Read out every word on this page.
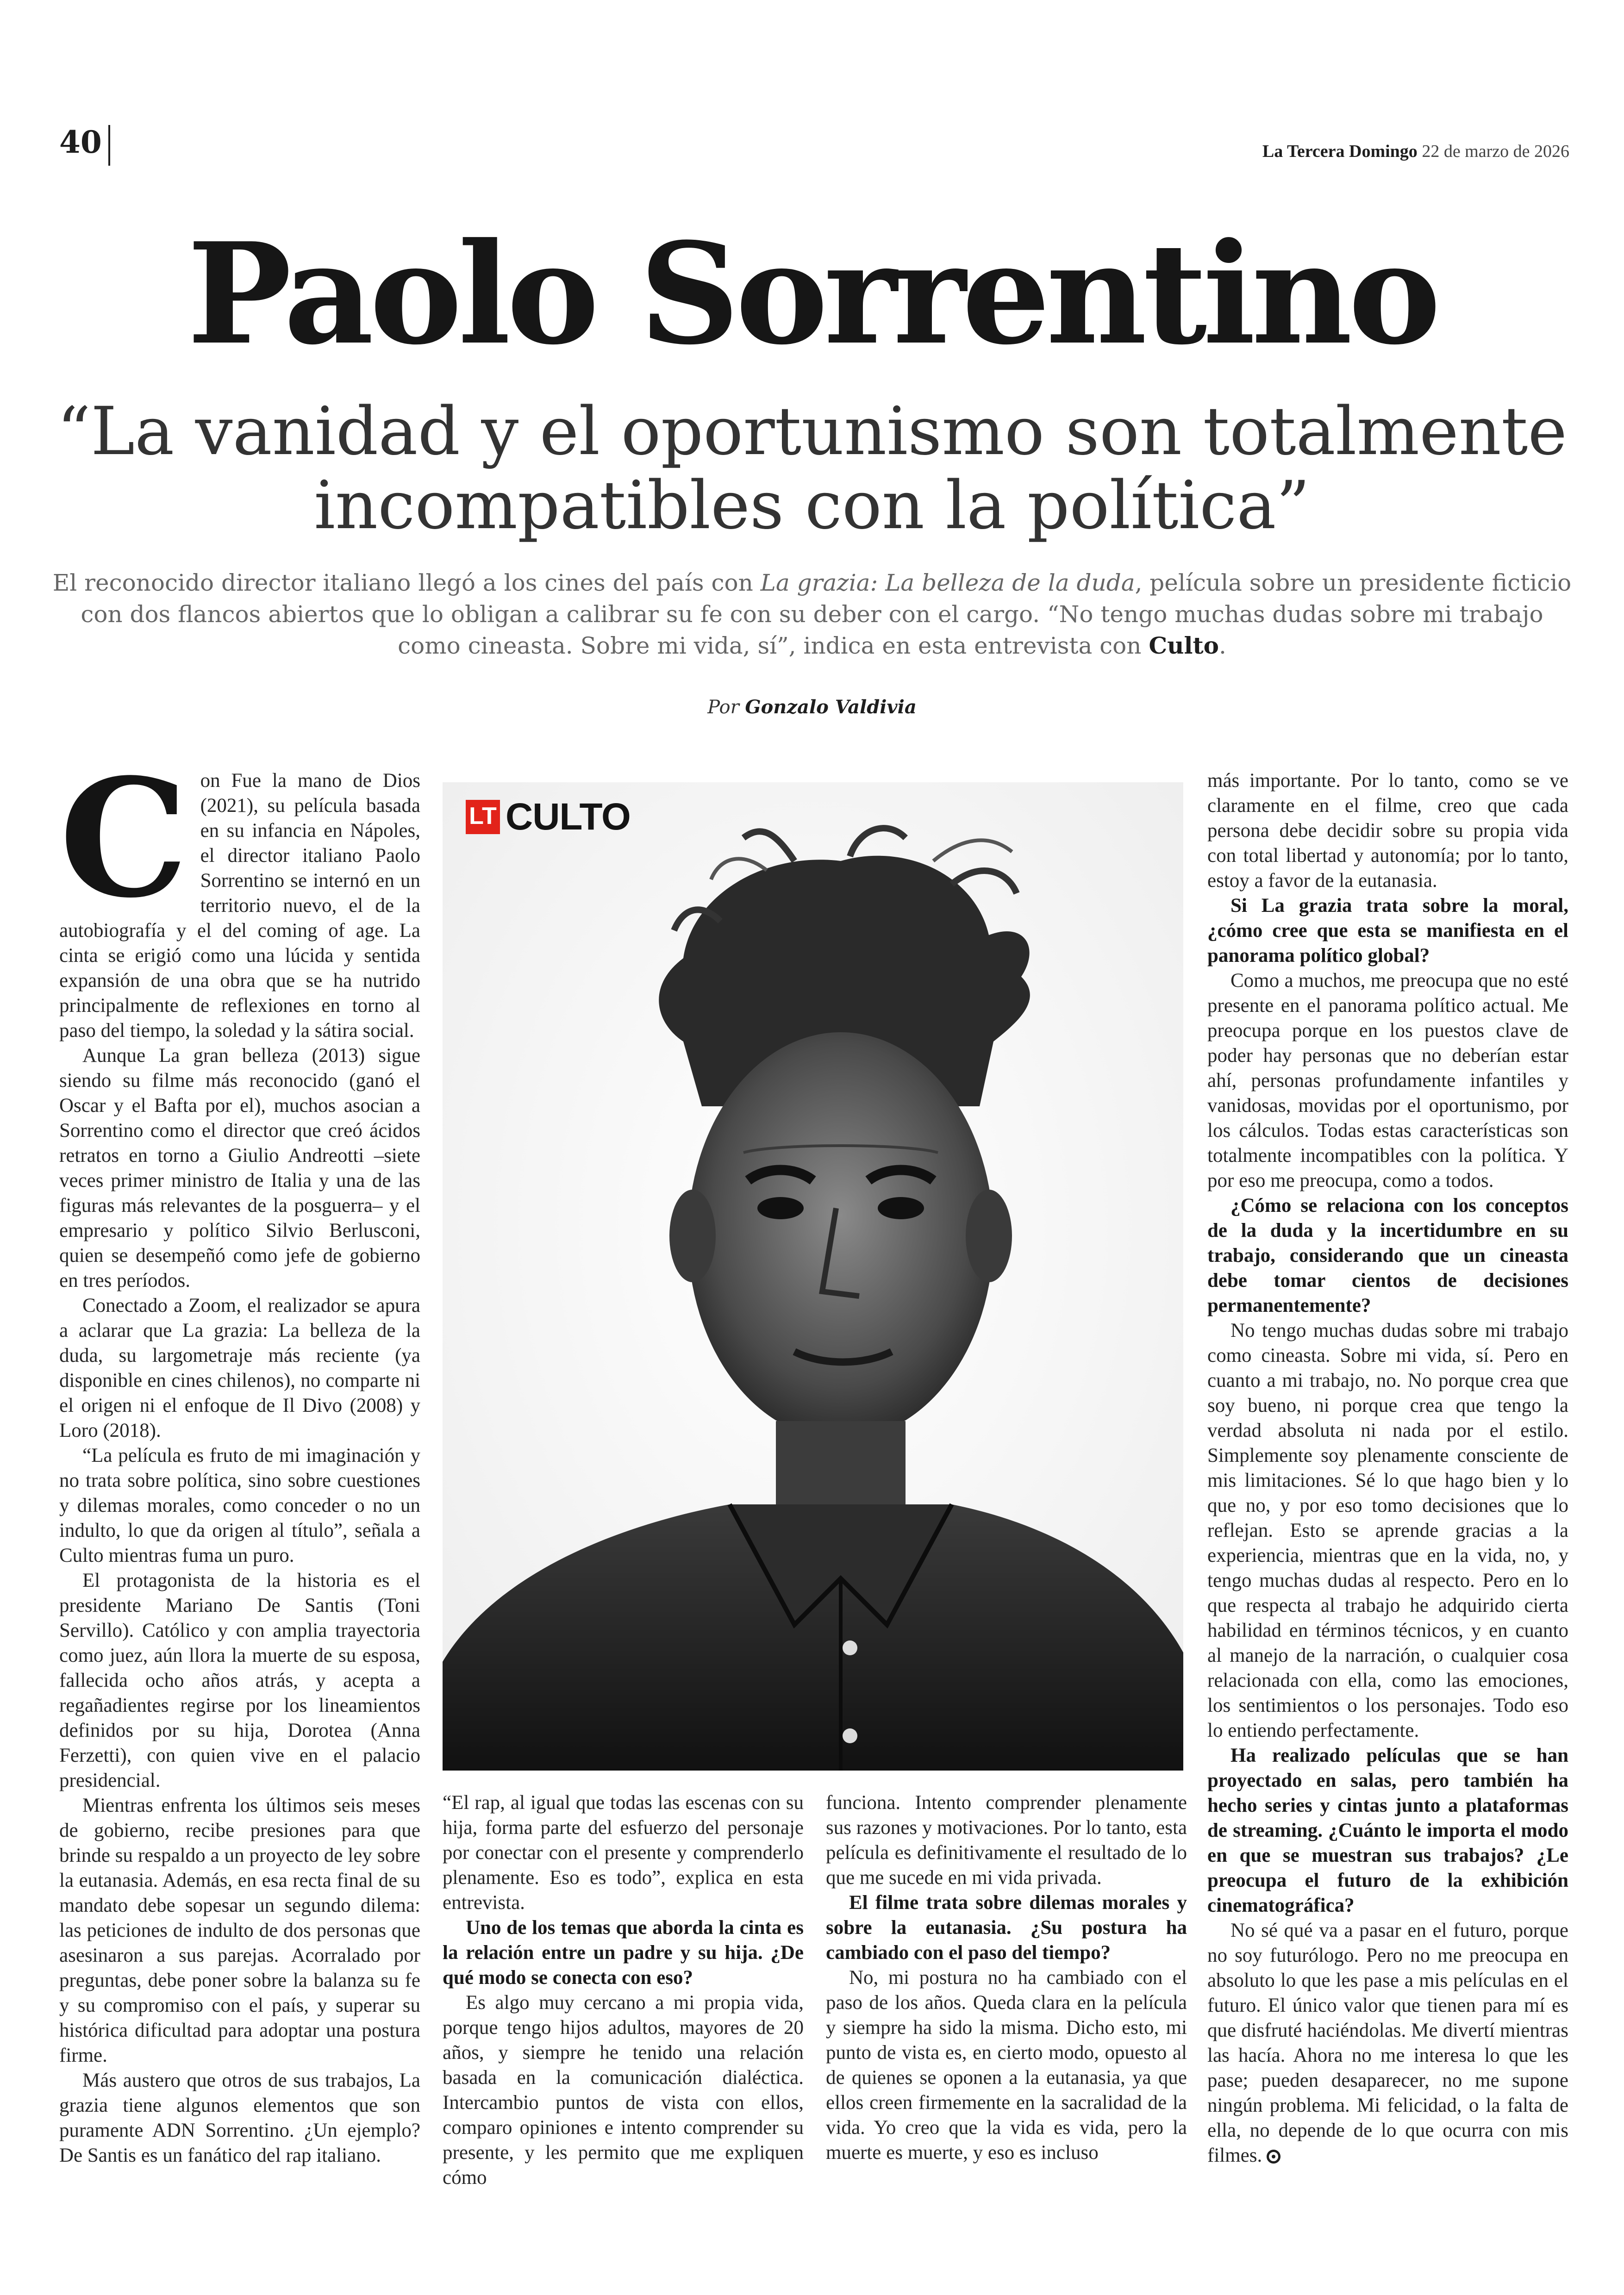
40	La Tercera Domingo 22 de marzo de 2026
Paolo Sorrentino
“La vanidad y el oportunismo son totalmente
incompatibles con la política”
El reconocido director italiano llegó a los cines del país con La grazia: La belleza de la duda, película sobre un presidente ficticio con dos flancos abiertos que lo obligan a calibrar su fe con su deber con el cargo. “No tengo muchas dudas sobre mi trabajo como cineasta. Sobre mi vida, sí”, indica en esta entrevista con Culto.
Por Gonzalo Valdivia

Con Fue la mano de Dios (2021), su película basada en su infancia en Nápoles, el director italiano Paolo Sorrentino se internó en un territorio nuevo, el de la autobiografía y el del coming of age. La cinta se erigió como una lúcida y sentida expansión de una obra que se ha nutrido principalmente de reflexiones en torno al paso del tiempo, la soledad y la sátira social.

Aunque La gran belleza (2013) sigue siendo su filme más reconocido (ganó el Oscar y el Bafta por el), muchos asocian a Sorrentino como el director que creó ácidos retratos en torno a Giulio Andreotti –siete veces primer ministro de Italia y una de las figuras más relevantes de la posguerra– y el empresario y político Silvio Berlusconi, quien se desempeñó como jefe de gobierno en tres períodos.

Conectado a Zoom, el realizador se apura a aclarar que La grazia: La belleza de la duda, su largometraje más reciente (ya disponible en cines chilenos), no comparte ni el origen ni el enfoque de Il Divo (2008) y Loro (2018).

“La película es fruto de mi imaginación y no trata sobre política, sino sobre cuestiones y dilemas morales, como conceder o no un indulto, lo que da origen al título”, señala a Culto mientras fuma un puro.

El protagonista de la historia es el presidente Mariano De Santis (Toni Servillo). Católico y con amplia trayectoria como juez, aún llora la muerte de su esposa, fallecida ocho años atrás, y acepta a regañadientes regirse por los lineamientos definidos por su hija, Dorotea (Anna Ferzetti), con quien vive en el palacio presidencial.

Mientras enfrenta los últimos seis meses de gobierno, recibe presiones para que brinde su respaldo a un proyecto de ley sobre la eutanasia. Además, en esa recta final de su mandato debe sopesar un segundo dilema: las peticiones de indulto de dos personas que asesinaron a sus parejas. Acorralado por preguntas, debe poner sobre la balanza su fe y su compromiso con el país, y superar su histórica dificultad para adoptar una postura firme.

Más austero que otros de sus trabajos, La grazia tiene algunos elementos que son puramente ADN Sorrentino. ¿Un ejemplo? De Santis es un fanático del rap italiano.

LT CULTO

“El rap, al igual que todas las escenas con su hija, forma parte del esfuerzo del personaje por conectar con el presente y comprenderlo plenamente. Eso es todo”, explica en esta entrevista.

Uno de los temas que aborda la cinta es la relación entre un padre y su hija. ¿De qué modo se conecta con eso?

Es algo muy cercano a mi propia vida, porque tengo hijos adultos, mayores de 20 años, y siempre he tenido una relación basada en la comunicación dialéctica. Intercambio puntos de vista con ellos, comparo opiniones e intento comprender su presente, y les permito que me expliquen cómo

funciona. Intento comprender plenamente sus razones y motivaciones. Por lo tanto, esta película es definitivamente el resultado de lo que me sucede en mi vida privada.

El filme trata sobre dilemas morales y sobre la eutanasia. ¿Su postura ha cambiado con el paso del tiempo?

No, mi postura no ha cambiado con el paso de los años. Queda clara en la película y siempre ha sido la misma. Dicho esto, mi punto de vista es, en cierto modo, opuesto al de quienes se oponen a la eutanasia, ya que ellos creen firmemente en la sacralidad de la vida. Yo creo que la vida es vida, pero la muerte es muerte, y eso es incluso

más importante. Por lo tanto, como se ve claramente en el filme, creo que cada persona debe decidir sobre su propia vida con total libertad y autonomía; por lo tanto, estoy a favor de la eutanasia.

Si La grazia trata sobre la moral, ¿cómo cree que esta se manifiesta en el panorama político global?

Como a muchos, me preocupa que no esté presente en el panorama político actual. Me preocupa porque en los puestos clave de poder hay personas que no deberían estar ahí, personas profundamente infantiles y vanidosas, movidas por el oportunismo, por los cálculos. Todas estas características son totalmente incompatibles con la política. Y por eso me preocupa, como a todos.

¿Cómo se relaciona con los conceptos de la duda y la incertidumbre en su trabajo, considerando que un cineasta debe tomar cientos de decisiones permanentemente?

No tengo muchas dudas sobre mi trabajo como cineasta. Sobre mi vida, sí. Pero en cuanto a mi trabajo, no. No porque crea que soy bueno, ni porque crea que tengo la verdad absoluta ni nada por el estilo. Simplemente soy plenamente consciente de mis limitaciones. Sé lo que hago bien y lo que no, y por eso tomo decisiones que lo reflejan. Esto se aprende gracias a la experiencia, mientras que en la vida, no, y tengo muchas dudas al respecto. Pero en lo que respecta al trabajo he adquirido cierta habilidad en términos técnicos, y en cuanto al manejo de la narración, o cualquier cosa relacionada con ella, como las emociones, los sentimientos o los personajes. Todo eso lo entiendo perfectamente.

Ha realizado películas que se han proyectado en salas, pero también ha hecho series y cintas junto a plataformas de streaming. ¿Cuánto le importa el modo en que se muestran sus trabajos? ¿Le preocupa el futuro de la exhibición cinematográfica?

No sé qué va a pasar en el futuro, porque no soy futurólogo. Pero no me preocupa en absoluto lo que les pase a mis películas en el futuro. El único valor que tienen para mí es que disfruté haciéndolas. Me divertí mientras las hacía. Ahora no me interesa lo que les pase; pueden desaparecer, no me supone ningún problema. Mi felicidad, o la falta de ella, no depende de lo que ocurra con mis filmes.
